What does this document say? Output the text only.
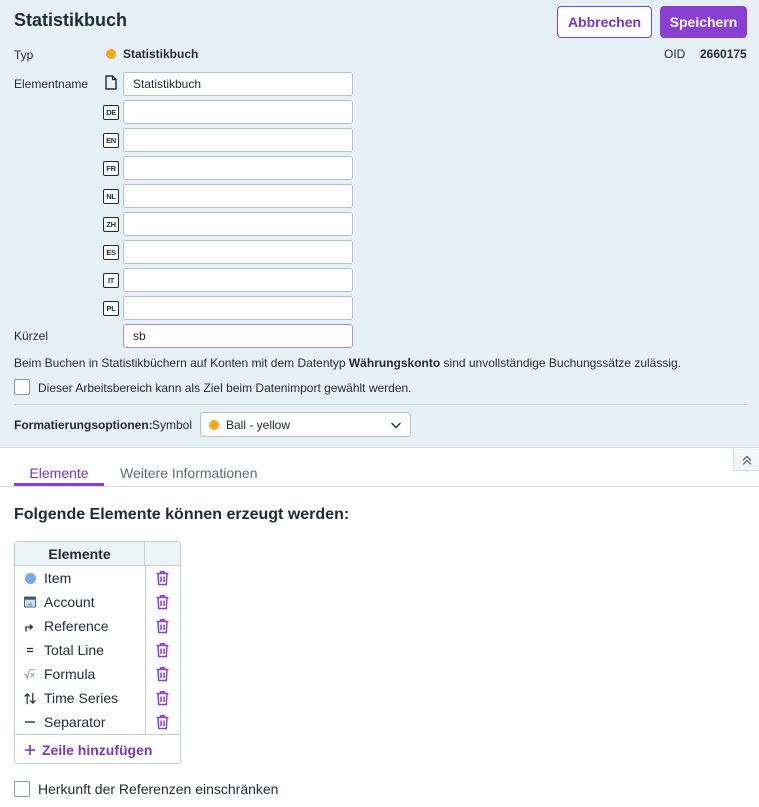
Statistikbuch	Abbrechen	Speichern
Typ	Statistikbuch	OID 2660175
Elementname	Statistikbuch
DE
EN
FR
NL
ZH
ES
IT
PL
Kürzel	sb
Beim Buchen in Statistikbüchern auf Konten mit dem Datentyp Währungskonto sind unvollständige Buchungssätze zulässig.
Dieser Arbeitsbereich kann als Ziel beim Datenimport gewählt werden.
Formatierungsoptionen: Symbol	Ball - yellow
Elemente	Weitere Informationen
Folgende Elemente können erzeugt werden:
Elemente
Item
Account
Reference
Total Line
Formula
Time Series
Separator
Zeile hinzufügen
Herkunft der Referenzen einschränken
